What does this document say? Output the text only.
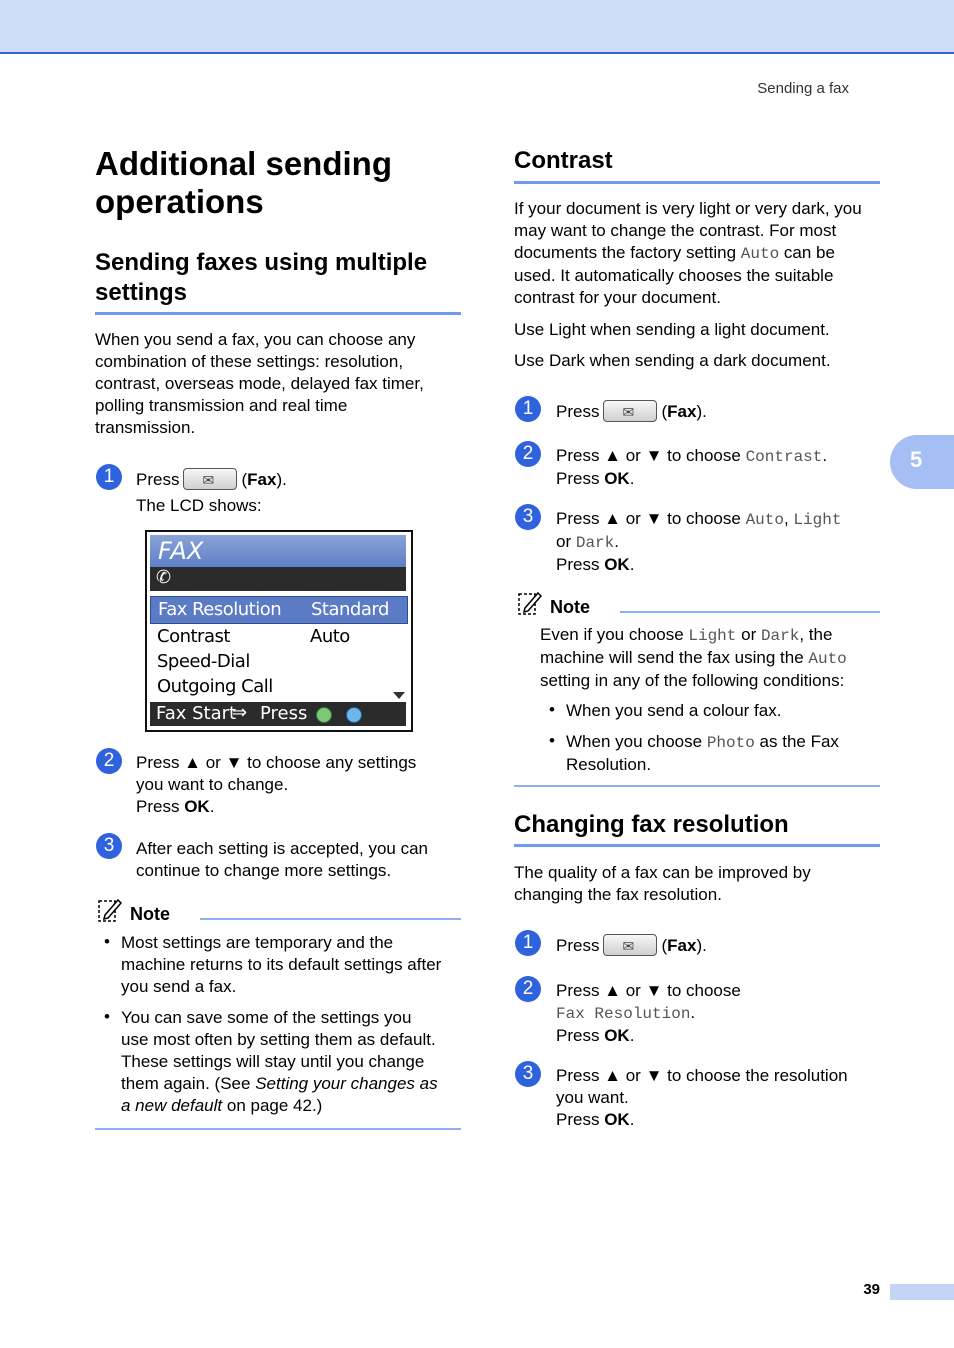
Sending a fax
5
39
Additional sending
operations
Sending faxes using multiple
settings
When you send a fax, you can choose any
combination of these settings: resolution,
contrast, overseas mode, delayed fax timer,
polling transmission and real time
transmission.
1	Press ✉	(Fax).
The LCD shows:
FAX
✆
Fax Resolution Standard
Contrast	Auto
Speed-Dial
Outgoing Call
Fax Start
⇒ Press
2	Press ▲ or ▼ to choose any settings
you want to change.
Press OK.
3	After each setting is accepted, you can
continue to change more settings.
Note
• Most settings are temporary and the
machine returns to its default settings after
you send a fax.
• You can save some of the settings you
use most often by setting them as default.
These settings will stay until you change
them again. (See Setting your changes as
a new default on page 42.)
Contrast
If your document is very light or very dark, you
may want to change the contrast. For most
documents the factory setting Auto can be
used. It automatically chooses the suitable
contrast for your document.
Use Light when sending a light document.
Use Dark when sending a dark document.
1	Press ✉	(Fax).
2	Press ▲ or ▼ to choose Contrast.
Press OK.
3	Press ▲ or ▼ to choose Auto, Light
or Dark.
Press OK.
Note
Even if you choose Light or Dark, the
machine will send the fax using the Auto
setting in any of the following conditions:
• When you send a colour fax.
• When you choose Photo as the Fax
Resolution.
Changing fax resolution
The quality of a fax can be improved by
changing the fax resolution.
1	Press ✉	(Fax).
2	Press ▲ or ▼ to choose
Fax Resolution.
Press OK.
3	Press ▲ or ▼ to choose the resolution
you want.
Press OK.
